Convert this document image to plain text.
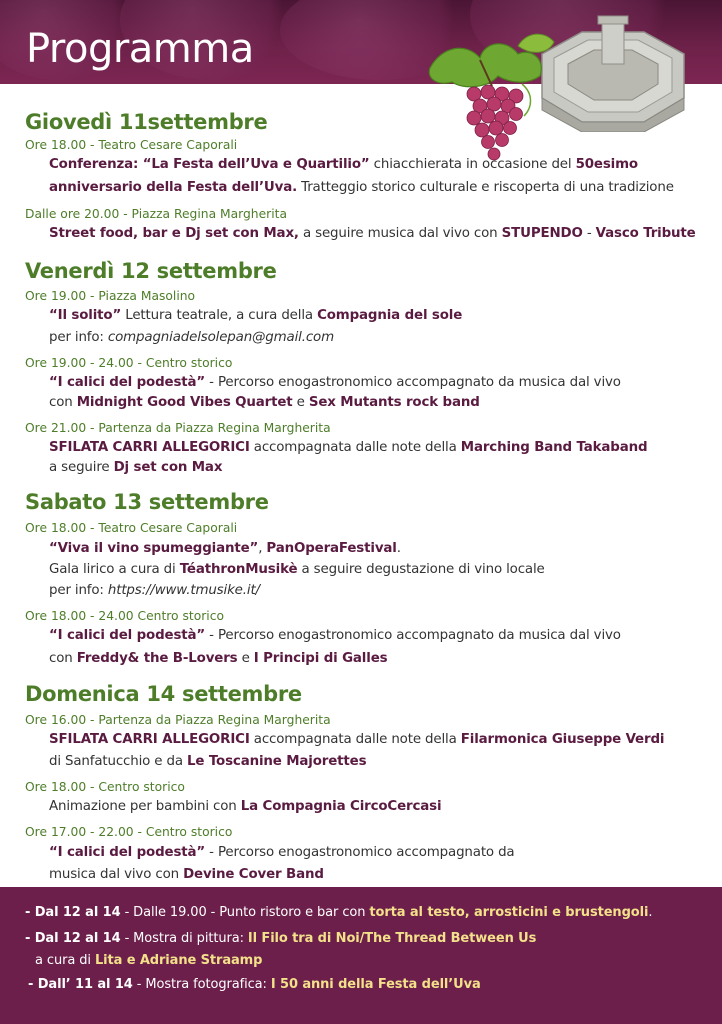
Programma
Giovedì 11settembre
Ore 18.00 - Teatro Cesare Caporali
Conferenza: “La Festa dell’Uva e Quartilio” chiacchierata in occasione del 50esimo
anniversario della Festa dell’Uva. Tratteggio storico culturale e riscoperta di una tradizione
Dalle ore 20.00 - Piazza Regina Margherita
Street food, bar e Dj set con Max, a seguire musica dal vivo con STUPENDO - Vasco Tribute
Venerdì 12 settembre
Ore 19.00 - Piazza Masolino
“Il solito” Lettura teatrale, a cura della Compagnia del sole
per info: compagniadelsolepan@gmail.com
Ore 19.00 - 24.00 - Centro storico
“I calici del podestà” - Percorso enogastronomico accompagnato da musica dal vivo
con Midnight Good Vibes Quartet e Sex Mutants rock band
Ore 21.00 - Partenza da Piazza Regina Margherita
SFILATA CARRI ALLEGORICI accompagnata dalle note della Marching Band Takaband
a seguire Dj set con Max
Sabato 13 settembre
Ore 18.00 - Teatro Cesare Caporali
“Viva il vino spumeggiante”, PanOperaFestival.
Gala lirico a cura di TéathronMusikè a seguire degustazione di vino locale
per info: https://www.tmusike.it/
Ore 18.00 - 24.00 Centro storico
“I calici del podestà” - Percorso enogastronomico accompagnato da musica dal vivo
con Freddy& the B-Lovers e I Principi di Galles
Domenica 14 settembre
Ore 16.00 - Partenza da Piazza Regina Margherita
SFILATA CARRI ALLEGORICI accompagnata dalle note della Filarmonica Giuseppe Verdi
di Sanfatucchio e da Le Toscanine Majorettes
Ore 18.00 - Centro storico
Animazione per bambini con La Compagnia CircoCercasi
Ore 17.00 - 22.00 - Centro storico
“I calici del podestà” - Percorso enogastronomico accompagnato da
musica dal vivo con Devine Cover Band
- Dal 12 al 14 - Dalle 19.00 - Punto ristoro e bar con torta al testo, arrosticini e brustengoli.
- Dal 12 al 14 - Mostra di pittura: Il Filo tra di Noi/The Thread Between Us
a cura di Lita e Adriane Straamp
- Dall’ 11 al 14 - Mostra fotografica: I 50 anni della Festa dell’Uva
